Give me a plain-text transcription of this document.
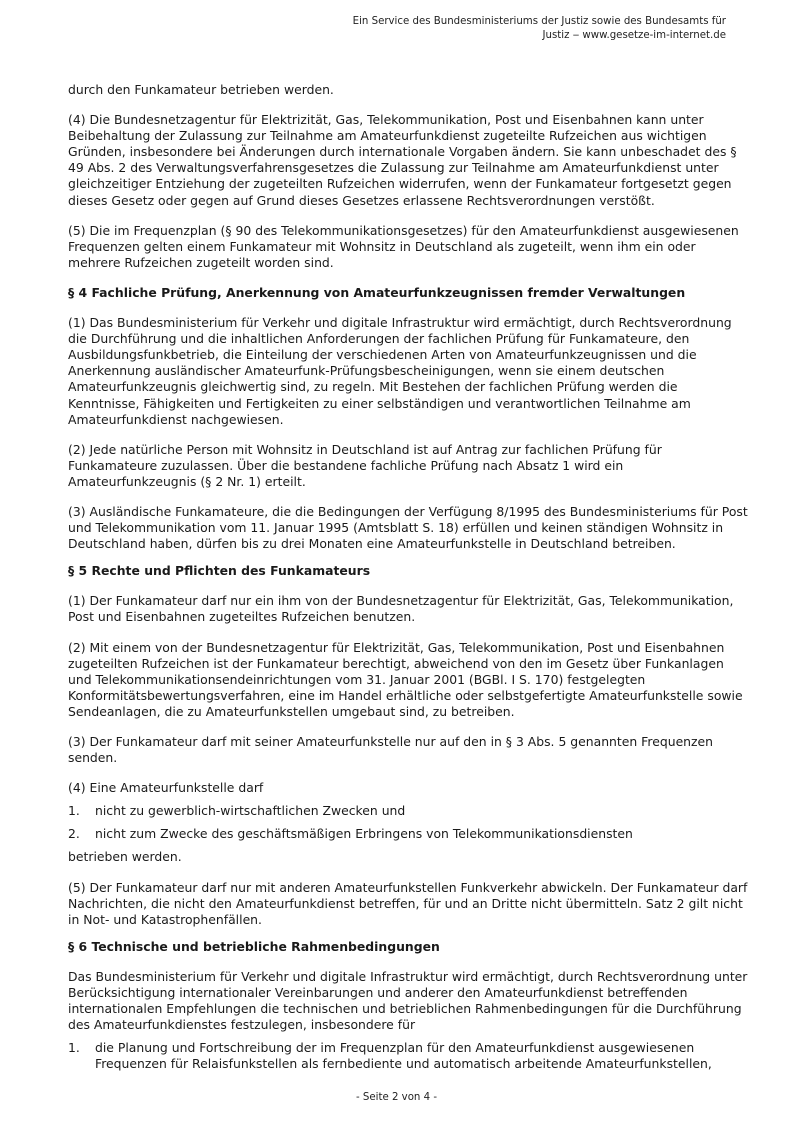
Ein Service des Bundesministeriums der Justiz sowie des Bundesamts für
Justiz ‒ www.gesetze-im-internet.de

durch den Funkamateur betrieben werden.

(4) Die Bundesnetzagentur für Elektrizität, Gas, Telekommunikation, Post und Eisenbahnen kann unter Beibehaltung der Zulassung zur Teilnahme am Amateurfunkdienst zugeteilte Rufzeichen aus wichtigen Gründen, insbesondere bei Änderungen durch internationale Vorgaben ändern. Sie kann unbeschadet des § 49 Abs. 2 des Verwaltungsverfahrensgesetzes die Zulassung zur Teilnahme am Amateurfunkdienst unter gleichzeitiger Entziehung der zugeteilten Rufzeichen widerrufen, wenn der Funkamateur fortgesetzt gegen dieses Gesetz oder gegen auf Grund dieses Gesetzes erlassene Rechtsverordnungen verstößt.

(5) Die im Frequenzplan (§ 90 des Telekommunikationsgesetzes) für den Amateurfunkdienst ausgewiesenen Frequenzen gelten einem Funkamateur mit Wohnsitz in Deutschland als zugeteilt, wenn ihm ein oder mehrere Rufzeichen zugeteilt worden sind.

§ 4 Fachliche Prüfung, Anerkennung von Amateurfunkzeugnissen fremder Verwaltungen

(1) Das Bundesministerium für Verkehr und digitale Infrastruktur wird ermächtigt, durch Rechtsverordnung die Durchführung und die inhaltlichen Anforderungen der fachlichen Prüfung für Funkamateure, den Ausbildungsfunkbetrieb, die Einteilung der verschiedenen Arten von Amateurfunkzeugnissen und die Anerkennung ausländischer Amateurfunk-Prüfungsbescheinigungen, wenn sie einem deutschen Amateurfunkzeugnis gleichwertig sind, zu regeln. Mit Bestehen der fachlichen Prüfung werden die Kenntnisse, Fähigkeiten und Fertigkeiten zu einer selbständigen und verantwortlichen Teilnahme am Amateurfunkdienst nachgewiesen.

(2) Jede natürliche Person mit Wohnsitz in Deutschland ist auf Antrag zur fachlichen Prüfung für Funkamateure zuzulassen. Über die bestandene fachliche Prüfung nach Absatz 1 wird ein Amateurfunkzeugnis (§ 2 Nr. 1) erteilt.

(3) Ausländische Funkamateure, die die Bedingungen der Verfügung 8/1995 des Bundesministeriums für Post und Telekommunikation vom 11. Januar 1995 (Amtsblatt S. 18) erfüllen und keinen ständigen Wohnsitz in Deutschland haben, dürfen bis zu drei Monaten eine Amateurfunkstelle in Deutschland betreiben.

§ 5 Rechte und Pflichten des Funkamateurs

(1) Der Funkamateur darf nur ein ihm von der Bundesnetzagentur für Elektrizität, Gas, Telekommunikation, Post und Eisenbahnen zugeteiltes Rufzeichen benutzen.

(2) Mit einem von der Bundesnetzagentur für Elektrizität, Gas, Telekommunikation, Post und Eisenbahnen zugeteilten Rufzeichen ist der Funkamateur berechtigt, abweichend von den im Gesetz über Funkanlagen und Telekommunikationsendeinrichtungen vom 31. Januar 2001 (BGBl. I S. 170) festgelegten Konformitätsbewertungsverfahren, eine im Handel erhältliche oder selbstgefertigte Amateurfunkstelle sowie Sendeanlagen, die zu Amateurfunkstellen umgebaut sind, zu betreiben.

(3) Der Funkamateur darf mit seiner Amateurfunkstelle nur auf den in § 3 Abs. 5 genannten Frequenzen senden.

(4) Eine Amateurfunkstelle darf

1.	nicht zu gewerblich-wirtschaftlichen Zwecken und
2.	nicht zum Zwecke des geschäftsmäßigen Erbringens von Telekommunikationsdiensten

betrieben werden.

(5) Der Funkamateur darf nur mit anderen Amateurfunkstellen Funkverkehr abwickeln. Der Funkamateur darf Nachrichten, die nicht den Amateurfunkdienst betreffen, für und an Dritte nicht übermitteln. Satz 2 gilt nicht in Not- und Katastrophenfällen.

§ 6 Technische und betriebliche Rahmenbedingungen

Das Bundesministerium für Verkehr und digitale Infrastruktur wird ermächtigt, durch Rechtsverordnung unter Berücksichtigung internationaler Vereinbarungen und anderer den Amateurfunkdienst betreffenden internationalen Empfehlungen die technischen und betrieblichen Rahmenbedingungen für die Durchführung des Amateurfunkdienstes festzulegen, insbesondere für

1.	die Planung und Fortschreibung der im Frequenzplan für den Amateurfunkdienst ausgewiesenen Frequenzen für Relaisfunkstellen als fernbediente und automatisch arbeitende Amateurfunkstellen,
- Seite 2 von 4 -
